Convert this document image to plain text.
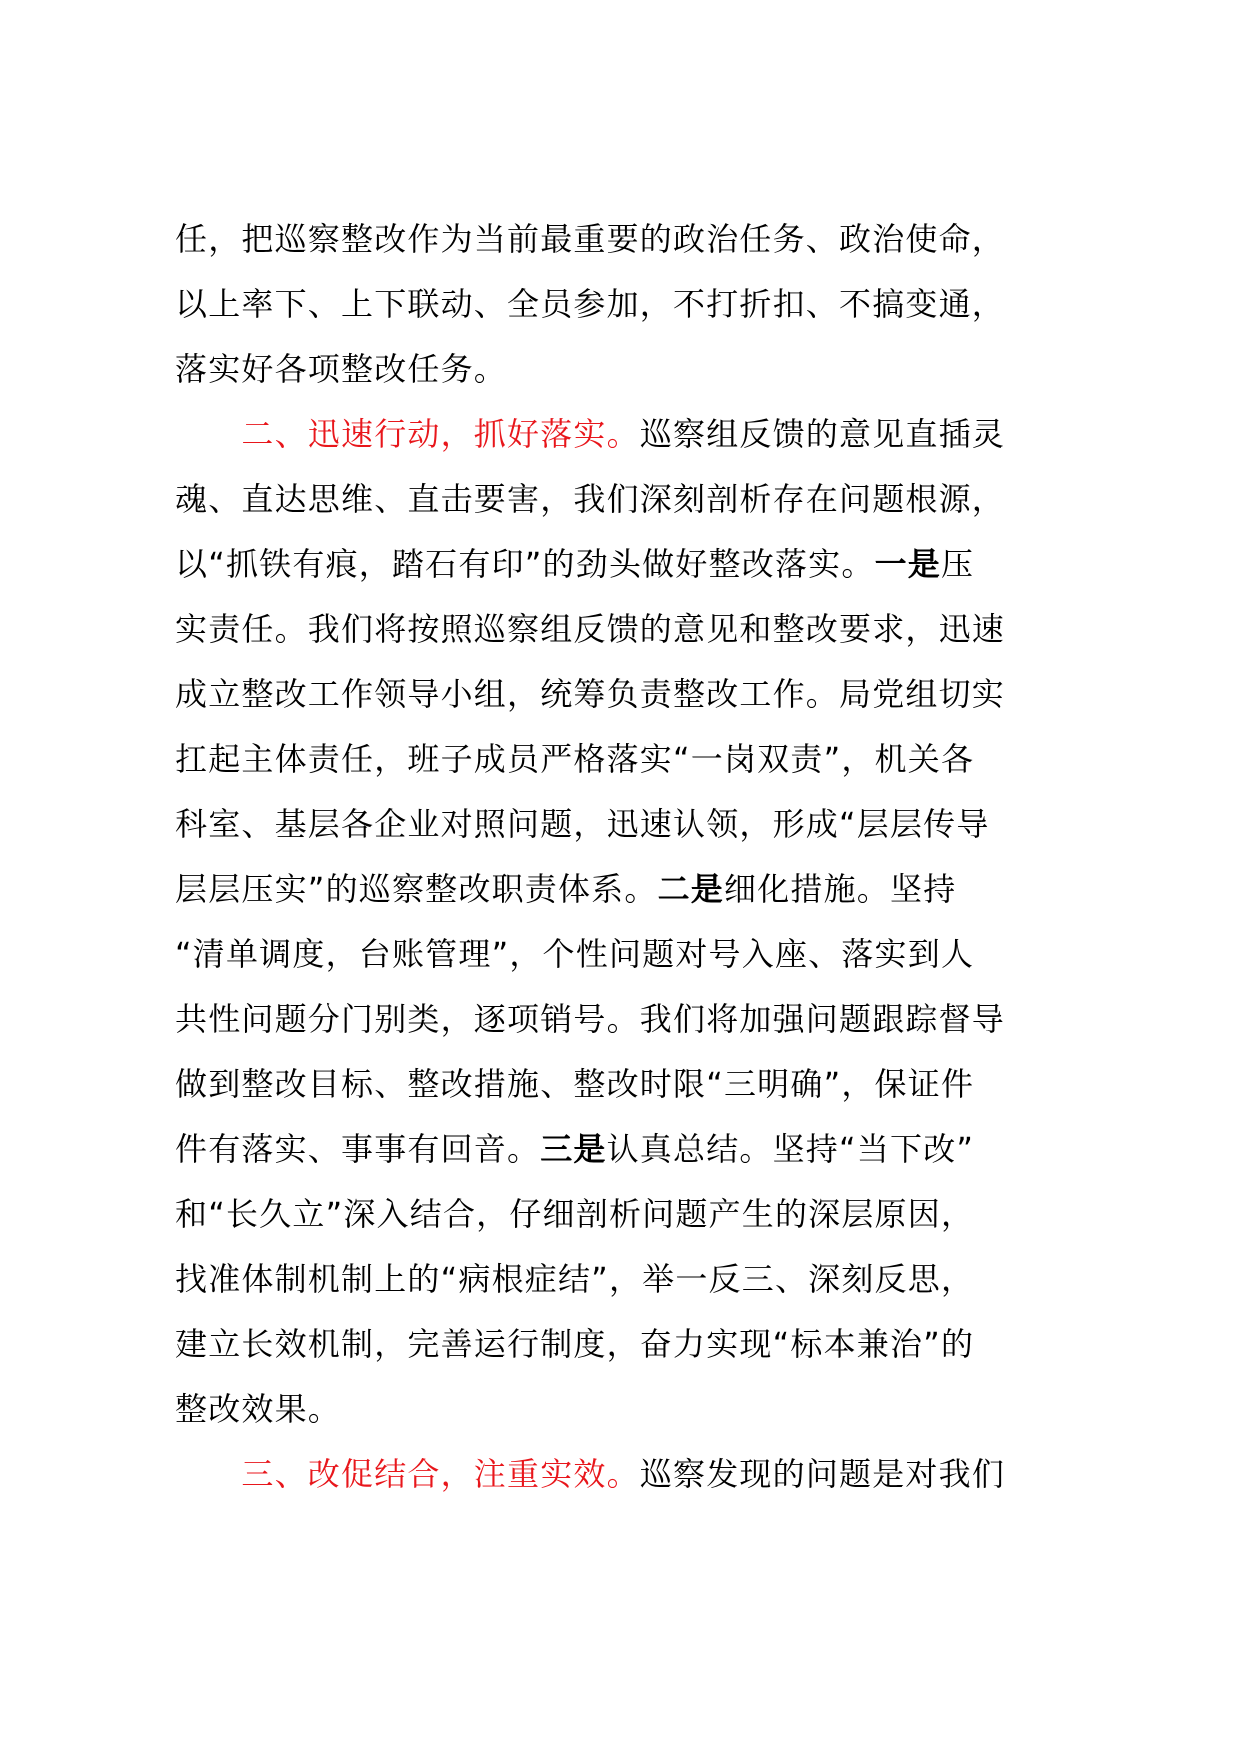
任，把巡察整改作为当前最重要的政治任务、政治使命，
以上率下、上下联动、全员参加，不打折扣、不搞变通，
落实好各项整改任务。
　　二、迅速行动，抓好落实。巡察组反馈的意见直插灵
魂、直达思维、直击要害，我们深刻剖析存在问题根源，
以“抓铁有痕，踏石有印”的劲头做好整改落实。一是压
实责任。我们将按照巡察组反馈的意见和整改要求，迅速
成立整改工作领导小组，统筹负责整改工作。局党组切实
扛起主体责任，班子成员严格落实“一岗双责”，机关各
科室、基层各企业对照问题，迅速认领，形成“层层传导
层层压实”的巡察整改职责体系。二是细化措施。坚持
“清单调度，台账管理”，个性问题对号入座、落实到人
共性问题分门别类，逐项销号。我们将加强问题跟踪督导
做到整改目标、整改措施、整改时限“三明确”，保证件
件有落实、事事有回音。三是认真总结。坚持“当下改”
和“长久立”深入结合，仔细剖析问题产生的深层原因，
找准体制机制上的“病根症结”，举一反三、深刻反思，
建立长效机制，完善运行制度，奋力实现“标本兼治”的
整改效果。
　　三、改促结合，注重实效。巡察发现的问题是对我们
